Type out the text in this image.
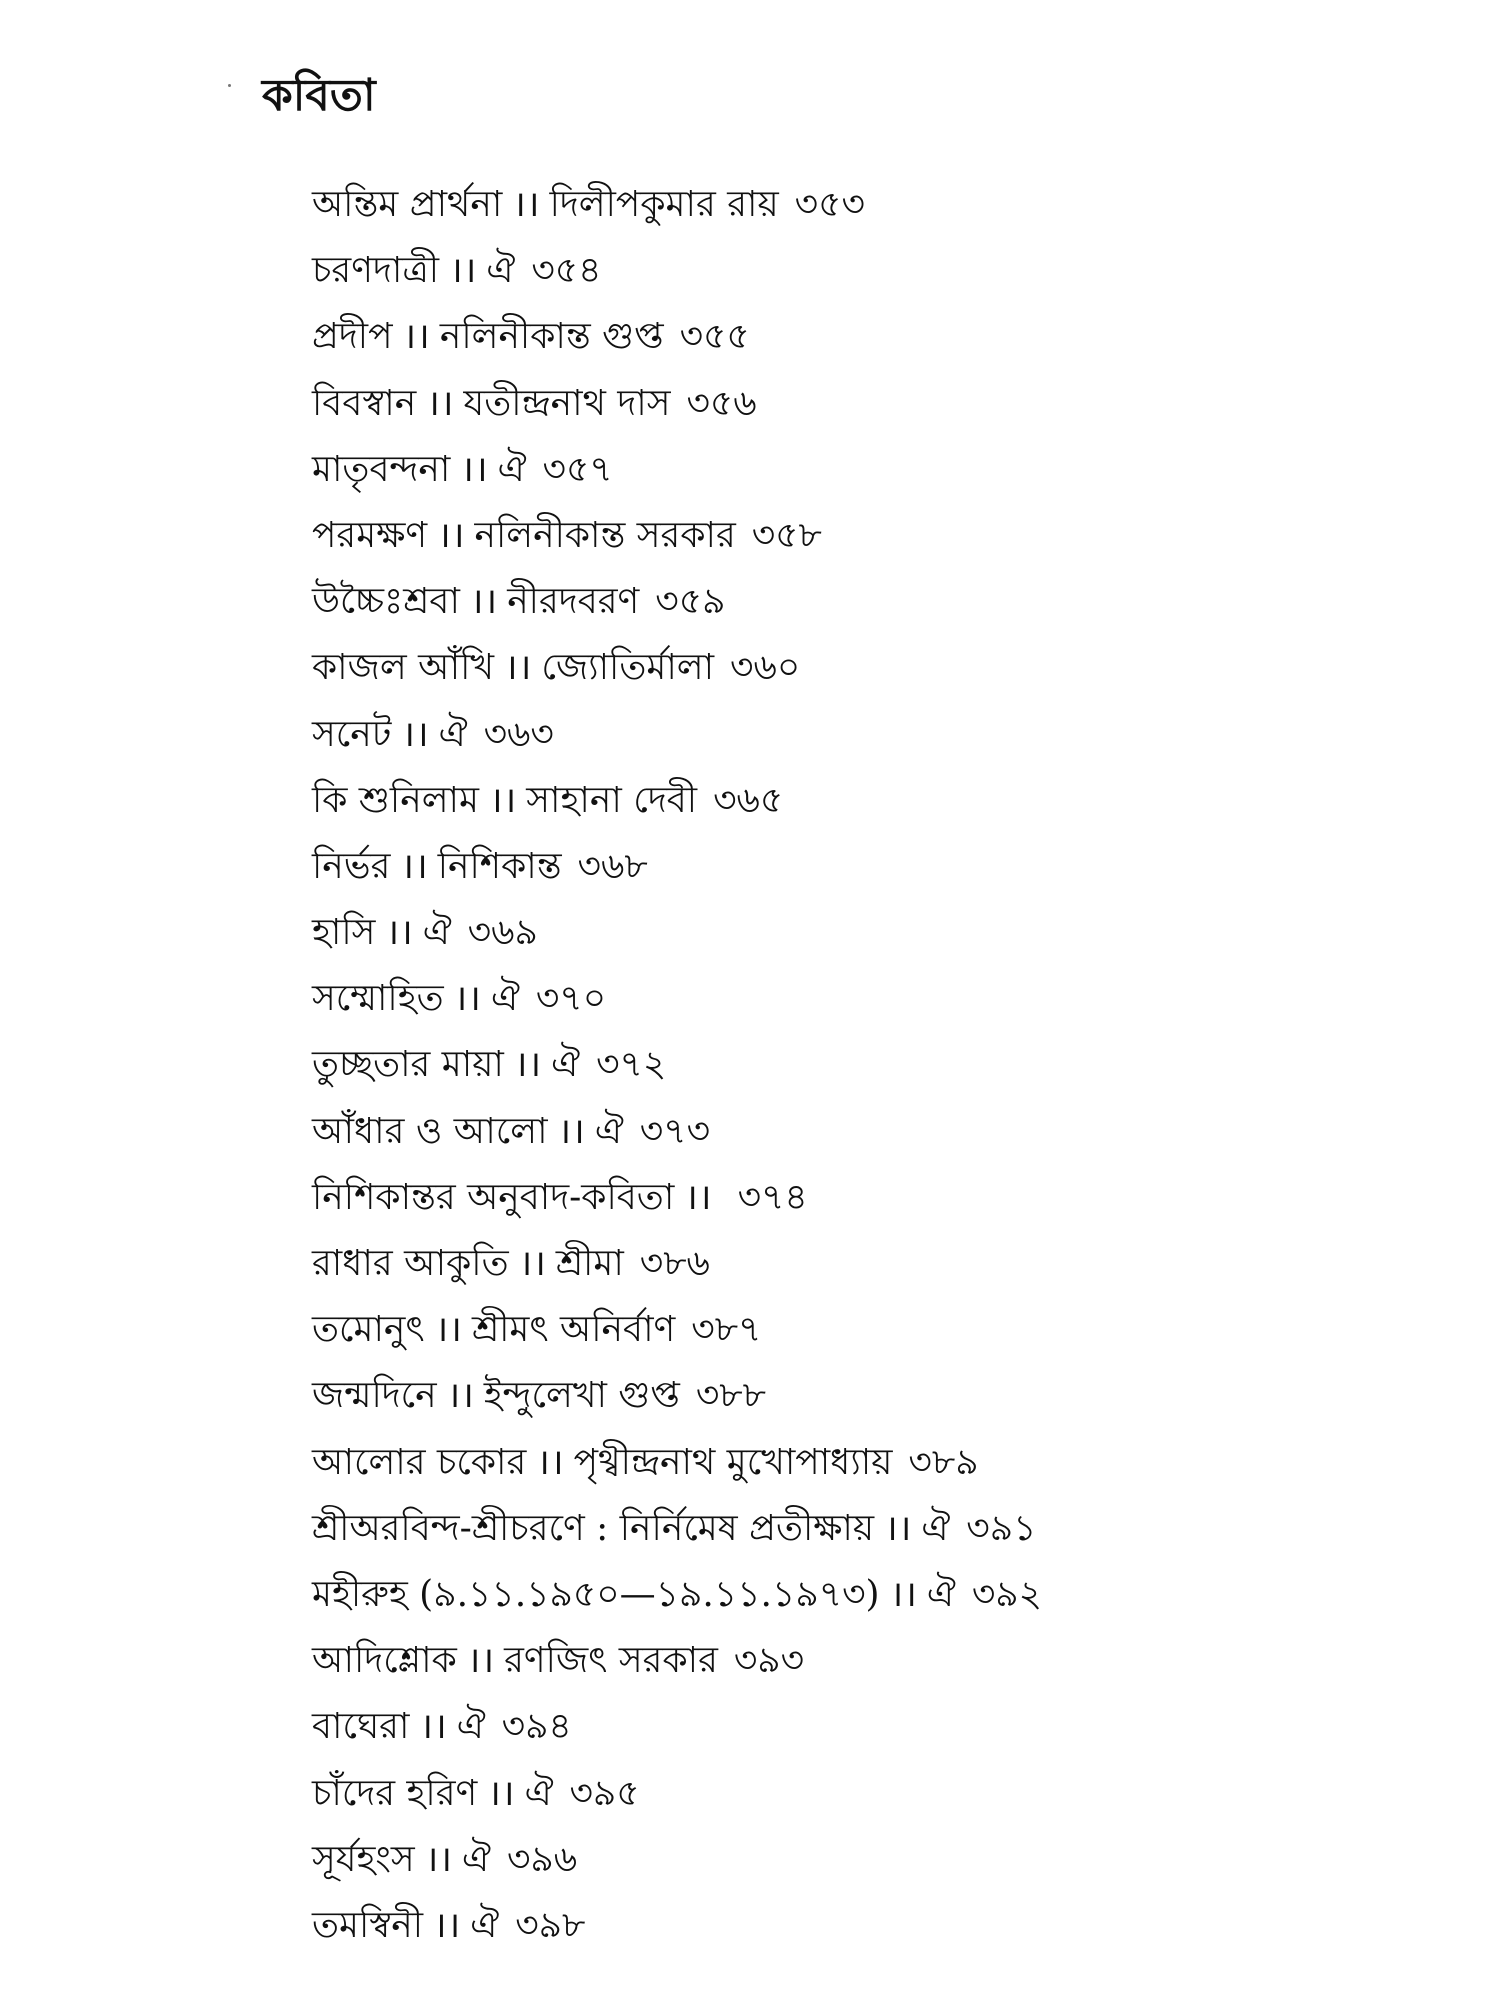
কবিতা
অন্তিম প্রার্থনা ।। দিলীপকুমার রায় ৩৫৩
চরণদাত্রী ।। ঐ ৩৫৪
প্রদীপ ।। নলিনীকান্ত গুপ্ত ৩৫৫
বিবস্বান ।। যতীন্দ্রনাথ দাস ৩৫৬
মাতৃবন্দনা ।। ঐ ৩৫৭
পরমক্ষণ ।। নলিনীকান্ত সরকার ৩৫৮
উচ্চৈঃশ্রবা ।। নীরদবরণ ৩৫৯
কাজল আঁখি ।। জ্যোতির্মালা ৩৬০
সনেট ।। ঐ ৩৬৩
কি শুনিলাম ।। সাহানা দেবী ৩৬৫
নির্ভর ।। নিশিকান্ত ৩৬৮
হাসি ।। ঐ ৩৬৯
সম্মোহিত ।। ঐ ৩৭০
তুচ্ছতার মায়া ।। ঐ ৩৭২
আঁধার ও আলো ।। ঐ ৩৭৩
নিশিকান্তর অনুবাদ-কবিতা ।। ৩৭৪
রাধার আকুতি ।। শ্রীমা ৩৮৬
তমোনুৎ ।। শ্রীমৎ অনির্বাণ ৩৮৭
জন্মদিনে ।। ইন্দুলেখা গুপ্ত ৩৮৮
আলোর চকোর ।। পৃথ্বীন্দ্রনাথ মুখোপাধ্যায় ৩৮৯
শ্রীঅরবিন্দ-শ্রীচরণে : নির্নিমেষ প্রতীক্ষায় ।। ঐ ৩৯১
মহীরুহ (৯.১১.১৯৫০—১৯.১১.১৯৭৩) ।। ঐ ৩৯২
আদিশ্লোক ।। রণজিৎ সরকার ৩৯৩
বাঘেরা ।। ঐ ৩৯৪
চাঁদের হরিণ ।। ঐ ৩৯৫
সূর্যহংস ।। ঐ ৩৯৬
তমস্বিনী ।। ঐ ৩৯৮
